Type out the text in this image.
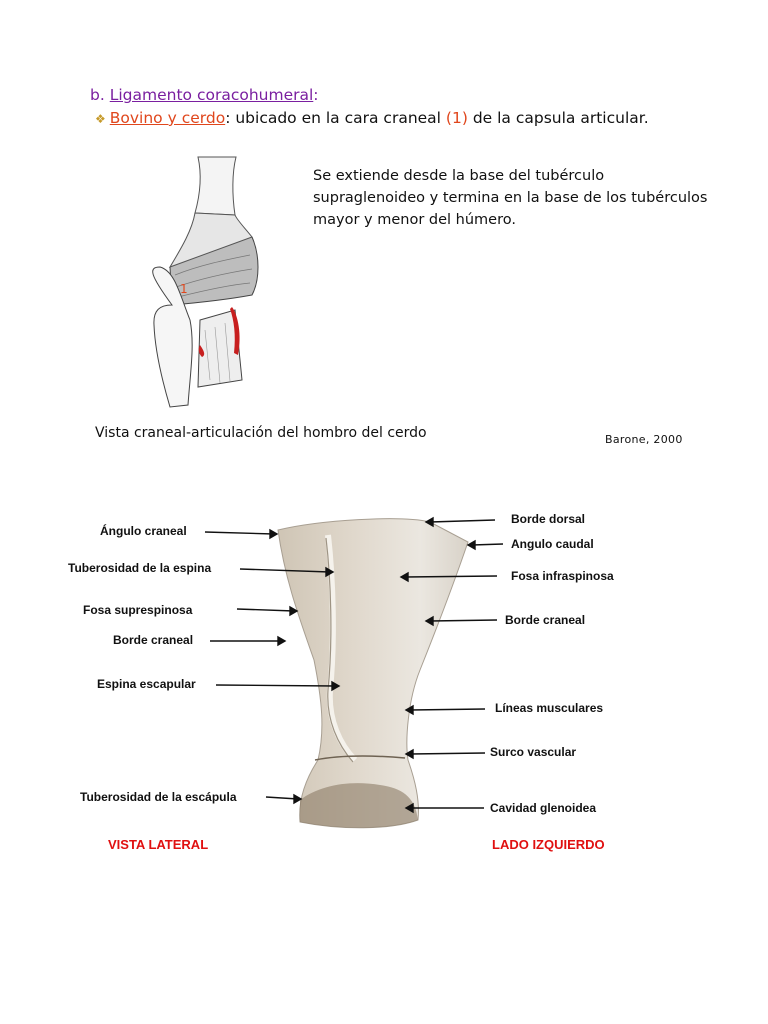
b. Ligamento coracohumeral:
❖ Bovino y cerdo: ubicado en la cara craneal (1) de la capsula articular.
Se extiende desde la base del tubérculo supraglenoideo y termina en la base de los tubérculos mayor y menor del húmero.
1
Vista craneal-articulación del hombro del cerdo	Barone, 2000
Ángulo craneal
Tuberosidad de la espina
Fosa suprespinosa
Borde craneal
Espina escapular
Tuberosidad de la escápula
Borde dorsal
Angulo caudal
Fosa infraspinosa
Borde craneal
Líneas musculares
Surco vascular
Cavidad glenoidea
VISTA LATERAL	LADO IZQUIERDO
